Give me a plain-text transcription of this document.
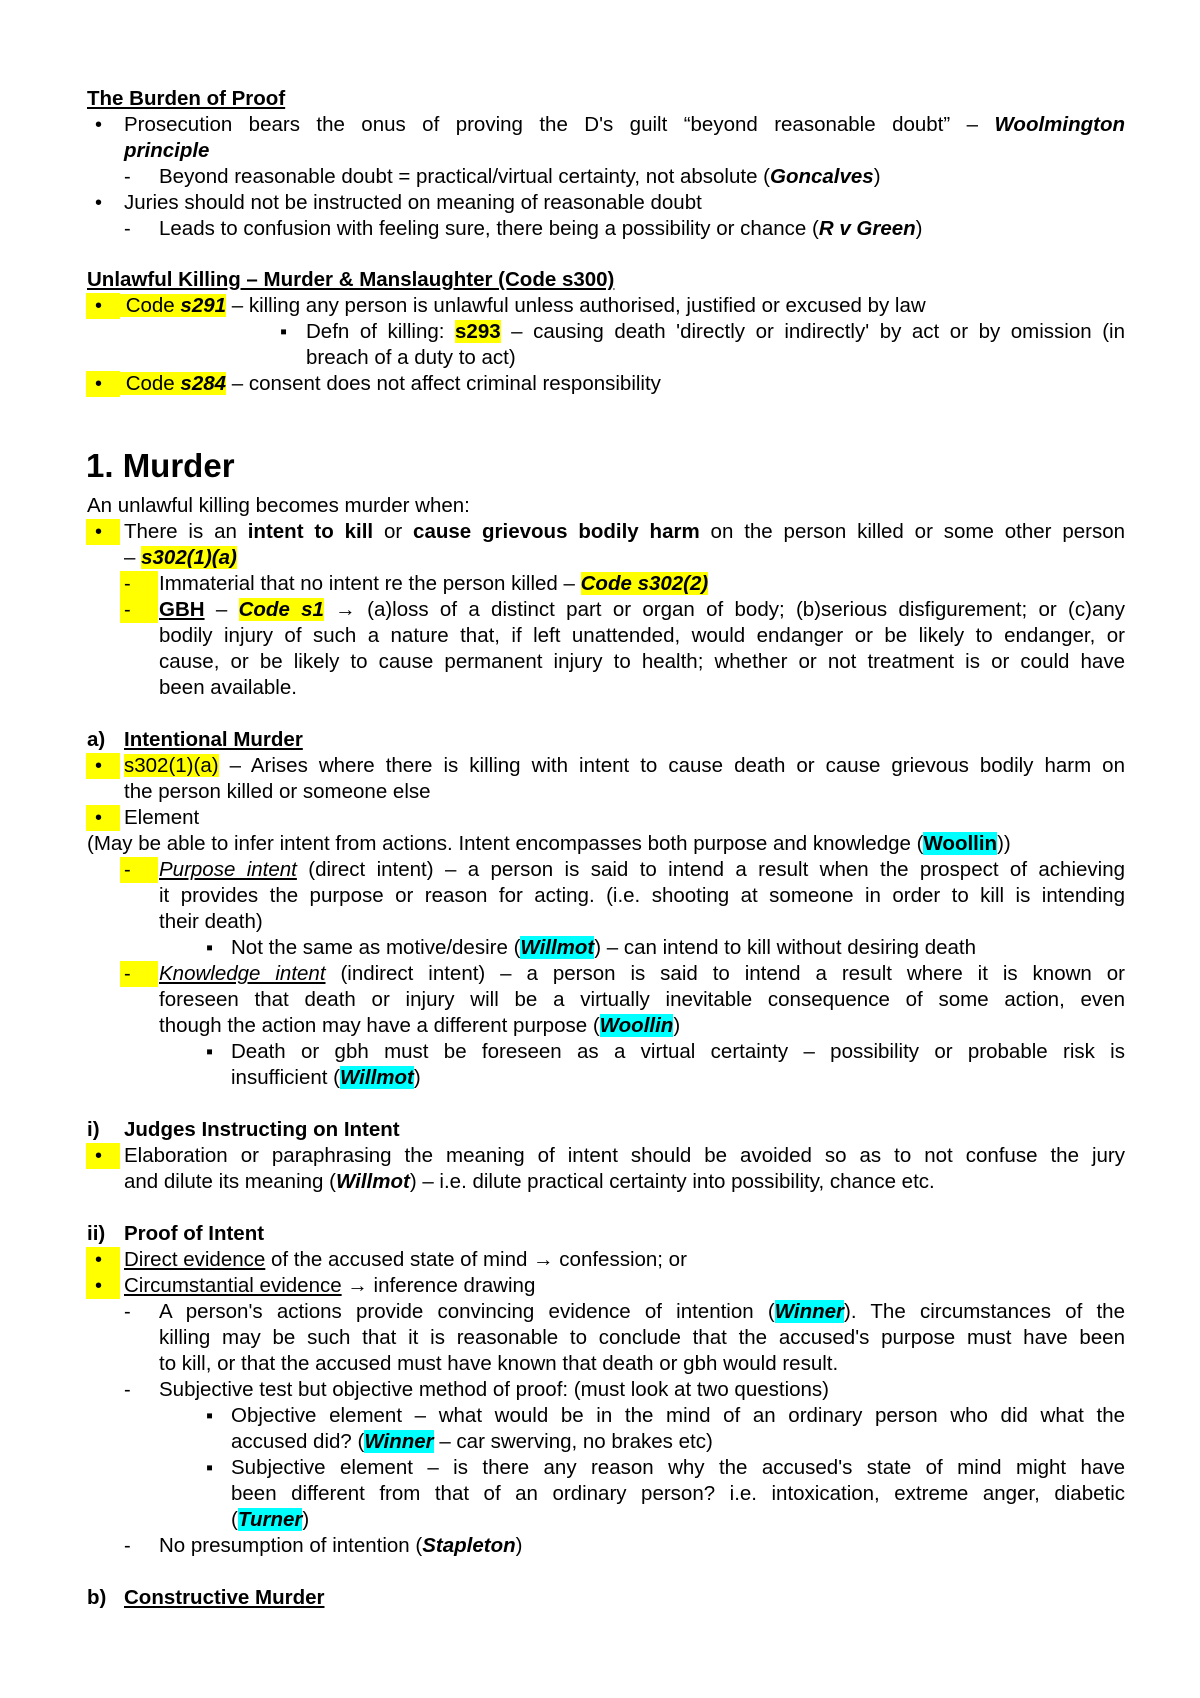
The Burden of Proof
•
Prosecution bears the onus of proving the D's guilt “beyond reasonable doubt” – Woolmington
principle
-
Beyond reasonable doubt = practical/virtual certainty, not absolute (Goncalves)
•
Juries should not be instructed on meaning of reasonable doubt
-
Leads to confusion with feeling sure, there being a possibility or chance (R v Green)
Unlawful Killing – Murder & Manslaughter (Code s300)
•
Code s291 – killing any person is unlawful unless authorised, justified or excused by law
▪
Defn of killing: s293 – causing death 'directly or indirectly' by act or by omission (in
breach of a duty to act)
•
Code s284 – consent does not affect criminal responsibility
1. Murder
An unlawful killing becomes murder when:
•
There is an intent to kill or cause grievous bodily harm on the person killed or some other person
– s302(1)(a)
-
Immaterial that no intent re the person killed – Code s302(2)
-
GBH – Code s1 → (a)loss of a distinct part or organ of body; (b)serious disfigurement; or (c)any
bodily injury of such a nature that, if left unattended, would endanger or be likely to endanger, or
cause, or be likely to cause permanent injury to health; whether or not treatment is or could have
been available.
a) Intentional Murder
•
s302(1)(a) – Arises where there is killing with intent to cause death or cause grievous bodily harm on
the person killed or someone else
•
Element
(May be able to infer intent from actions. Intent encompasses both purpose and knowledge (Woollin))
-
Purpose intent (direct intent) – a person is said to intend a result when the prospect of achieving
it provides the purpose or reason for acting. (i.e. shooting at someone in order to kill is intending
their death)
▪
Not the same as motive/desire (Willmot) – can intend to kill without desiring death
-
Knowledge intent (indirect intent) – a person is said to intend a result where it is known or
foreseen that death or injury will be a virtually inevitable consequence of some action, even
though the action may have a different purpose (Woollin)
▪
Death or gbh must be foreseen as a virtual certainty – possibility or probable risk is
insufficient (Willmot)
i) Judges Instructing on Intent
•
Elaboration or paraphrasing the meaning of intent should be avoided so as to not confuse the jury
and dilute its meaning (Willmot) – i.e. dilute practical certainty into possibility, chance etc.
ii) Proof of Intent
•
Direct evidence of the accused state of mind → confession; or
•
Circumstantial evidence → inference drawing
-
A person's actions provide convincing evidence of intention (Winner). The circumstances of the
killing may be such that it is reasonable to conclude that the accused's purpose must have been
to kill, or that the accused must have known that death or gbh would result.
-
Subjective test but objective method of proof: (must look at two questions)
▪
Objective element – what would be in the mind of an ordinary person who did what the
accused did? (Winner – car swerving, no brakes etc)
▪
Subjective element – is there any reason why the accused's state of mind might have
been different from that of an ordinary person? i.e. intoxication, extreme anger, diabetic
(Turner)
-
No presumption of intention (Stapleton)
b) Constructive Murder
